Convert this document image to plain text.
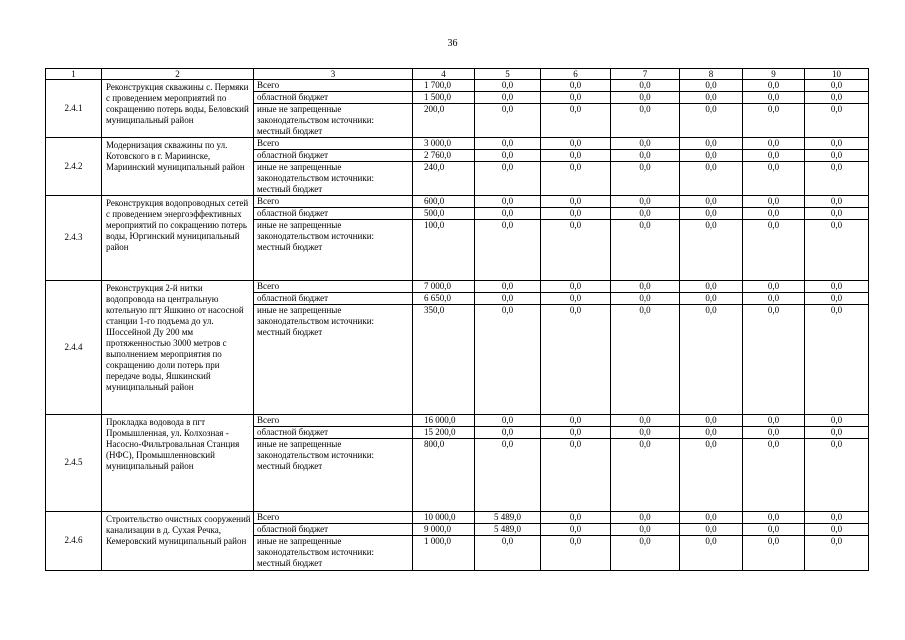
36
1	2	3	4	5	6	7	8	9	10
2.4.1	Реконструкция скважины с. Пермяки с проведением мероприятий по сокращению потерь воды, Беловский муниципальный район	Всего	1 700,0	0,0	0,0	0,0	0,0	0,0	0,0
		областной бюджет	1 500,0	0,0	0,0	0,0	0,0	0,0	0,0
		иные не запрещенные законодательством источники:	200,0	0,0	0,0	0,0	0,0	0,0	0,0
		местный бюджет							
2.4.2	Модернизация скважины по ул. Котовского в г. Мариинске, Мариинский муниципальный район	Всего	3 000,0	0,0	0,0	0,0	0,0	0,0	0,0
		областной бюджет	2 760,0	0,0	0,0	0,0	0,0	0,0	0,0
		иные не запрещенные законодательством источники:	240,0	0,0	0,0	0,0	0,0	0,0	0,0
		местный бюджет							
2.4.3	Реконструкция водопроводных сетей с проведением энергоэффективных мероприятий по сокращению потерь воды, Юргинский муниципальный район	Всего	600,0	0,0	0,0	0,0	0,0	0,0	0,0
		областной бюджет	500,0	0,0	0,0	0,0	0,0	0,0	0,0
		иные не запрещенные законодательством источники:	100,0	0,0	0,0	0,0	0,0	0,0	0,0
		местный бюджет							
2.4.4	Реконструкция 2-й нитки водопровода на центральную котельную пгт Яшкино от насосной станции 1-го подъема до ул. Шоссейной Ду 200 мм протяженностью 3000 метров с выполнением мероприятия по сокращению доли потерь при передаче воды, Яшкинский муниципальный район	Всего	7 000,0	0,0	0,0	0,0	0,0	0,0	0,0
		областной бюджет	6 650,0	0,0	0,0	0,0	0,0	0,0	0,0
		иные не запрещенные законодательством источники:	350,0	0,0	0,0	0,0	0,0	0,0	0,0
		местный бюджет							
2.4.5	Прокладка водовода в пгт Промышленная, ул. Колхозная - Насосно-Фильтровальная Станция (НФС), Промышленновский муниципальный район	Всего	16 000,0	0,0	0,0	0,0	0,0	0,0	0,0
		областной бюджет	15 200,0	0,0	0,0	0,0	0,0	0,0	0,0
		иные не запрещенные законодательством источники:	800,0	0,0	0,0	0,0	0,0	0,0	0,0
		местный бюджет							
2.4.6	Строительство очистных сооружений канализации в д. Сухая Речка, Кемеровский муниципальный район	Всего	10 000,0	5 489,0	0,0	0,0	0,0	0,0	0,0
		областной бюджет	9 000,0	5 489,0	0,0	0,0	0,0	0,0	0,0
		иные не запрещенные законодательством источники:	1 000,0	0,0	0,0	0,0	0,0	0,0	0,0
		местный бюджет							
